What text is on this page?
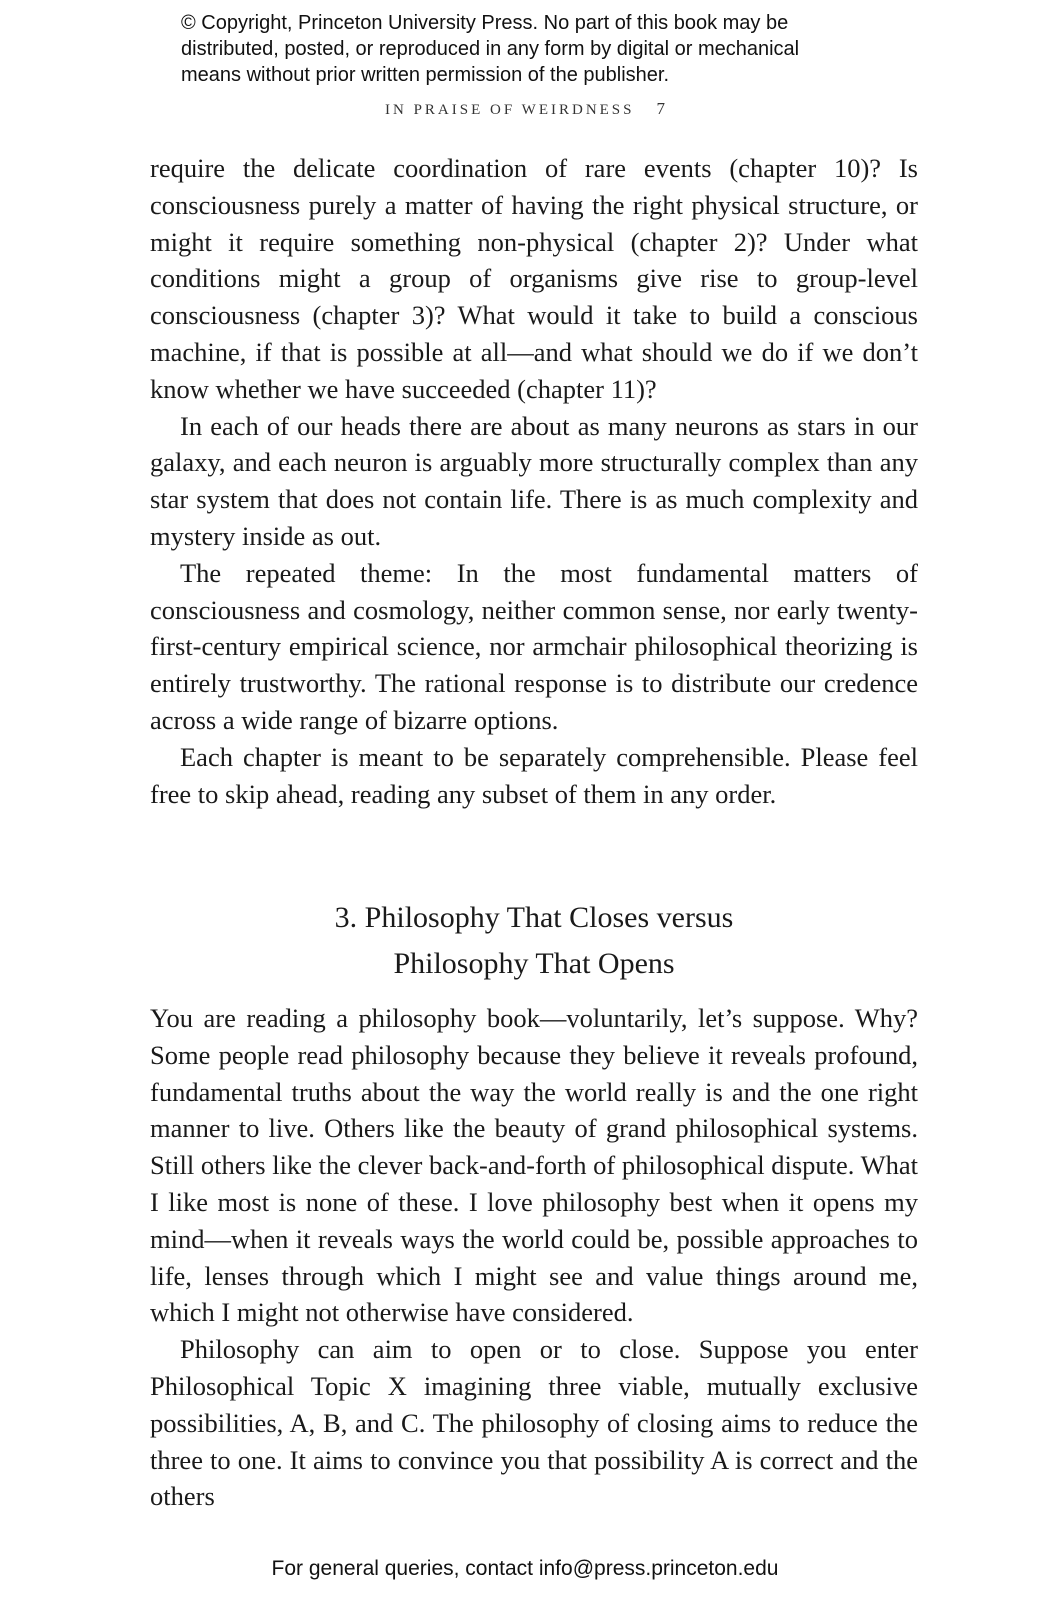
© Copyright, Princeton University Press. No part of this book may be
distributed, posted, or reproduced in any form by digital or mechanical
means without prior written permission of the publisher.
IN PRAISE OF WEIRDNESS 7

require the delicate coordination of rare events (chapter 10)? Is consciousness purely a matter of having the right physical structure, or might it require something non-physical (chapter 2)? Under what conditions might a group of organisms give rise to group-level consciousness (chapter 3)? What would it take to build a conscious machine, if that is possible at all—and what should we do if we don’t know whether we have succeeded (chapter 11)?

In each of our heads there are about as many neurons as stars in our galaxy, and each neuron is arguably more structurally complex than any star system that does not contain life. There is as much complexity and mystery inside as out.

The repeated theme: In the most fundamental matters of consciousness and cosmology, neither common sense, nor early twenty-first-century empirical science, nor armchair philosophical theorizing is entirely trustworthy. The rational response is to distribute our credence across a wide range of bizarre options.

Each chapter is meant to be separately comprehensible. Please feel free to skip ahead, reading any subset of them in any order.

3. Philosophy That Closes versus
Philosophy That Opens

You are reading a philosophy book—voluntarily, let’s suppose. Why? Some people read philosophy because they believe it reveals profound, fundamental truths about the way the world really is and the one right manner to live. Others like the beauty of grand philosophical systems. Still others like the clever back-and-forth of philosophical dispute. What I like most is none of these. I love philosophy best when it opens my mind—when it reveals ways the world could be, possible approaches to life, lenses through which I might see and value things around me, which I might not otherwise have considered.

Philosophy can aim to open or to close. Suppose you enter Philosophical Topic X imagining three viable, mutually exclusive possibilities, A, B, and C. The philosophy of closing aims to reduce the three to one. It aims to convince you that possibility A is correct and the others

For general queries, contact info@press.princeton.edu
